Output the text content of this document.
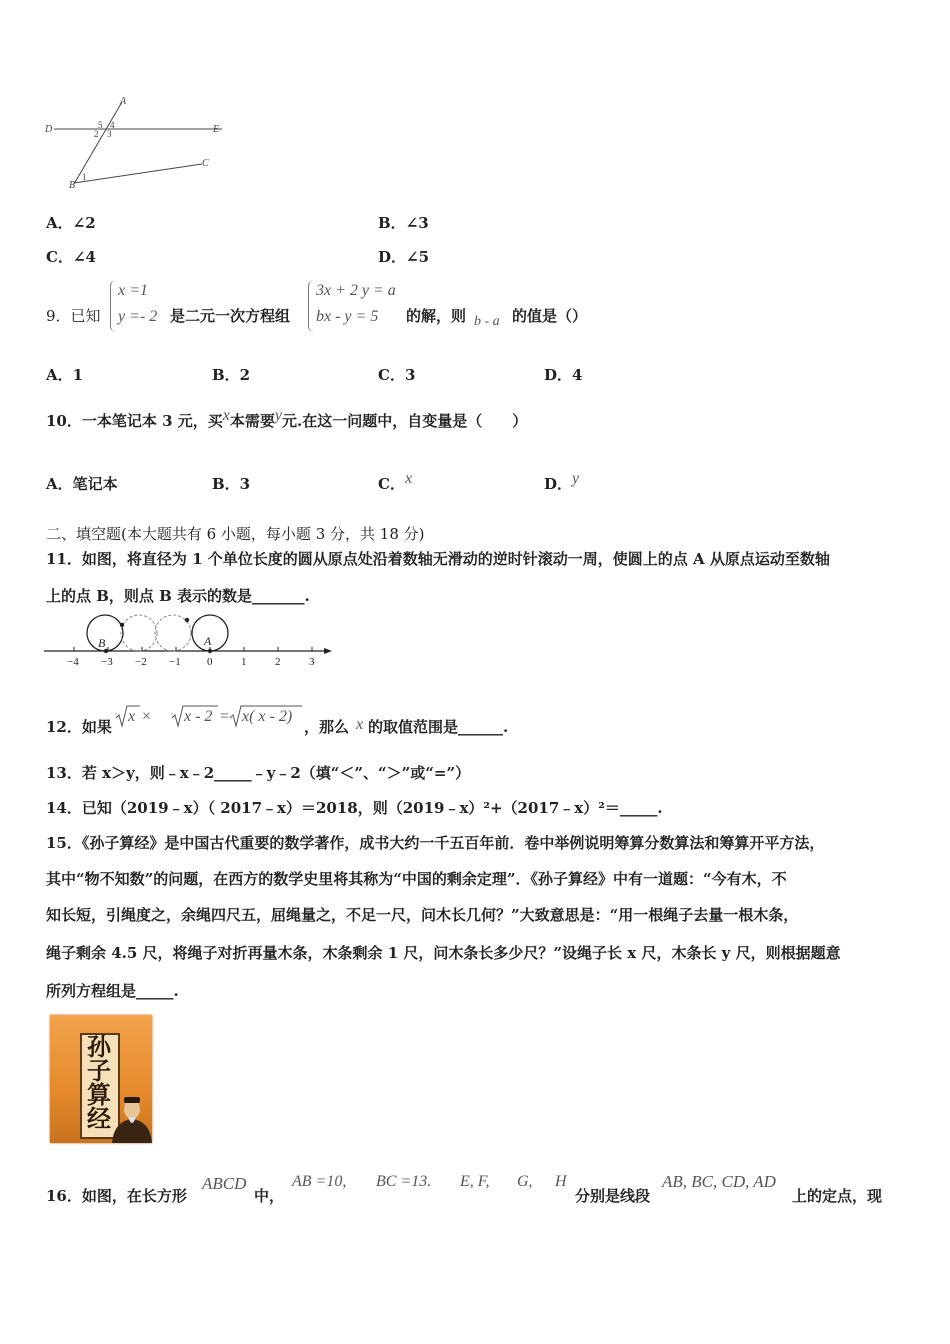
A
D	E
C
B
5 4
2 3
1
A．∠2	B．∠3
C．∠4	D．∠5
9．已知
x =1
y =- 2 是二元一次方程组
3x + 2 y = a
bx - y = 5	的解，则 b - a 的值是（）
A．1	B．2	C．3	D．4
10．一本笔记本 3 元，买x本需要y元.在这一问题中，自变量是（　　）
A．笔记本	B．3	C．x	D．y
二、填空题(本大题共有 6 小题，每小题 3 分，共 18 分)
11．如图，将直径为 1 个单位长度的圆从原点处沿着数轴无滑动的逆时针滚动一周，使圆上的点 A 从原点运动至数轴
上的点 B，则点 B 表示的数是_______.
B	A
−4 −3 −2 −1 0	1	2	3
12．如果
x × x - 2 = x( x - 2)
，那么 x 的取值范围是______.
13．若 x＞y，则﹣x﹣2_____﹣y﹣2（填“＜”、“＞”或“=”）
14．已知（2019﹣x）（ 2017﹣x）＝2018，则（2019﹣x）²+（2017﹣x）²＝_____.
15．《孙子算经》是中国古代重要的数学著作，成书大约一千五百年前．卷中举例说明筹算分数算法和筹算开平方法，
其中“物不知数”的问题，在西方的数学史里将其称为“中国的剩余定理”．《孙子算经》中有一道题：“今有木，不
知长短，引绳度之，余绳四尺五，屈绳量之，不足一尺，问木长几何？”大致意思是：“用一根绳子去量一根木条，
绳子剩余 4.5 尺，将绳子对折再量木条，木条剩余 1 尺，问木条长多少尺？”设绳子长 x 尺，木条长 y 尺，则根据题意
所列方程组是_____.
孙子算经
16．如图，在长方形
ABCD
中，
AB =10, BC =13. E, F, G, H
分别是线段
AB, BC, CD, AD
上的定点，现
